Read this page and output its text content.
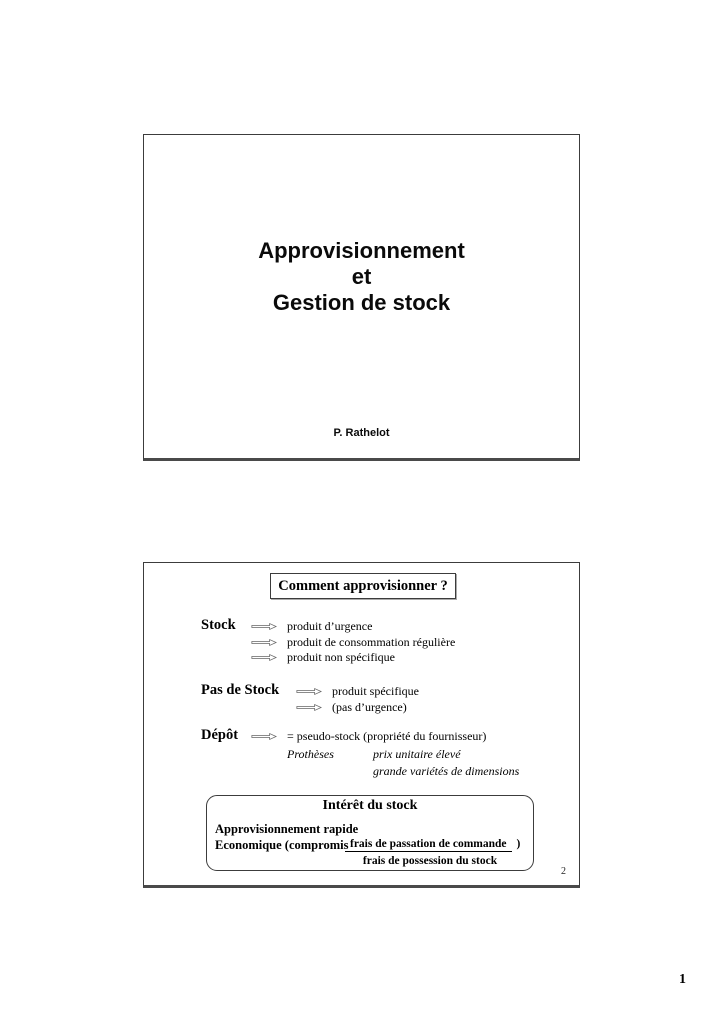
Approvisionnement
et
Gestion de stock
P. Rathelot
Comment approvisionner ?
Stock	produit d’urgence
produit de consommation régulière
produit non spécifique
Pas de Stock	produit spécifique
(pas d’urgence)
Dépôt	= pseudo-stock (propriété du fournisseur)
Prothèses	prix unitaire élevé
grande variétés de dimensions
Intérêt du stock
Approvisionnement rapide
Economique (compromis frais de passation de commande )
frais de possession du stock
2
1
